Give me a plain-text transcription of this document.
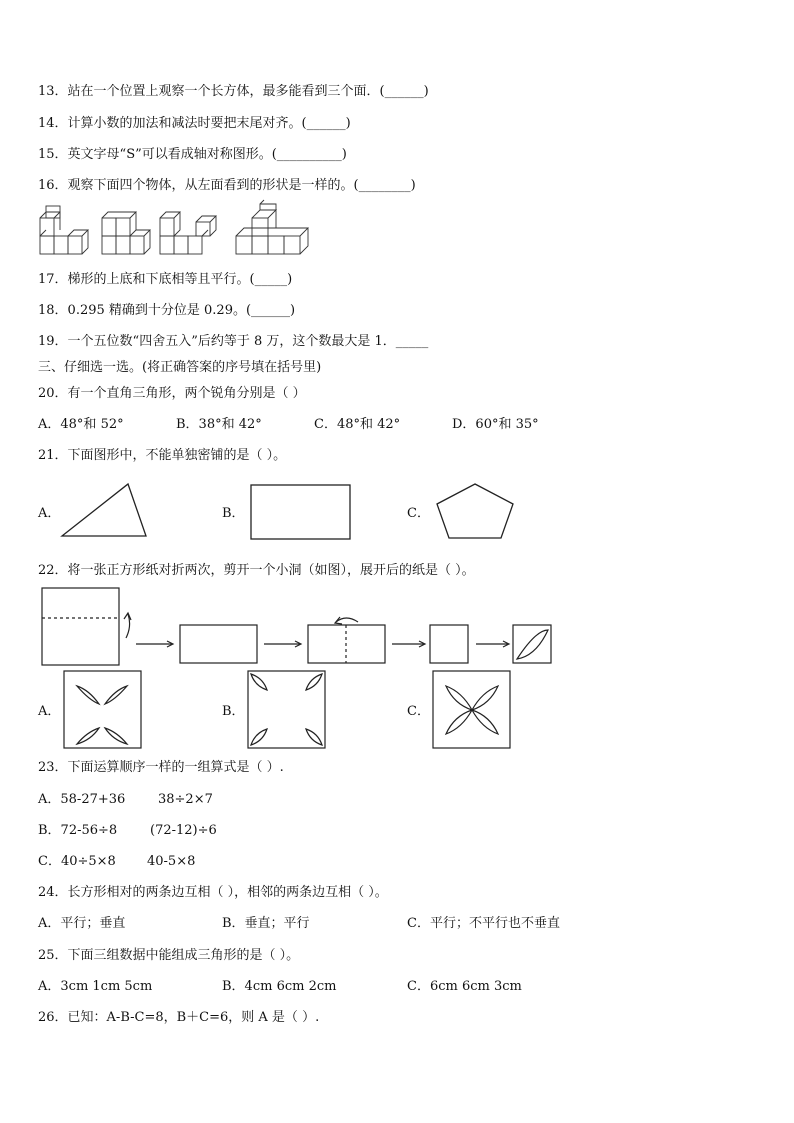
13．站在一个位置上观察一个长方体，最多能看到三个面．(______)
14．计算小数的加法和减法时要把末尾对齐。(______)
15．英文字母“S”可以看成轴对称图形。(__________)
16．观察下面四个物体，从左面看到的形状是一样的。(________)
17．梯形的上底和下底相等且平行。(_____)
18．0.295 精确到十分位是 0.29。(______)
19．一个五位数“四舍五入”后约等于 8 万，这个数最大是 1．_____
三、仔细选一选。(将正确答案的序号填在括号里)
20．有一个直角三角形，两个锐角分别是（ ）
A．48°和 52°	B．38°和 42°	C．48°和 42°	D．60°和 35°
21．下面图形中，不能单独密铺的是（ ）。
A．	B．	C．
22．将一张正方形纸对折两次，剪开一个小洞（如图），展开后的纸是（ ）。
A．	B．	C．
23．下面运算顺序一样的一组算式是（ ）.
A．58-27+36	38÷2×7
B．72-56÷8	(72-12)÷6
C．40÷5×8 40-5×8
24．长方形相对的两条边互相（ ），相邻的两条边互相（ ）。
A．平行；垂直	B．垂直；平行	C．平行；不平行也不垂直
25．下面三组数据中能组成三角形的是（ ）。
A．3cm 1cm 5cm	B．4cm 6cm 2cm	C．6cm 6cm 3cm
26．已知：A-B-C=8，B＋C=6，则 A 是（ ）.
